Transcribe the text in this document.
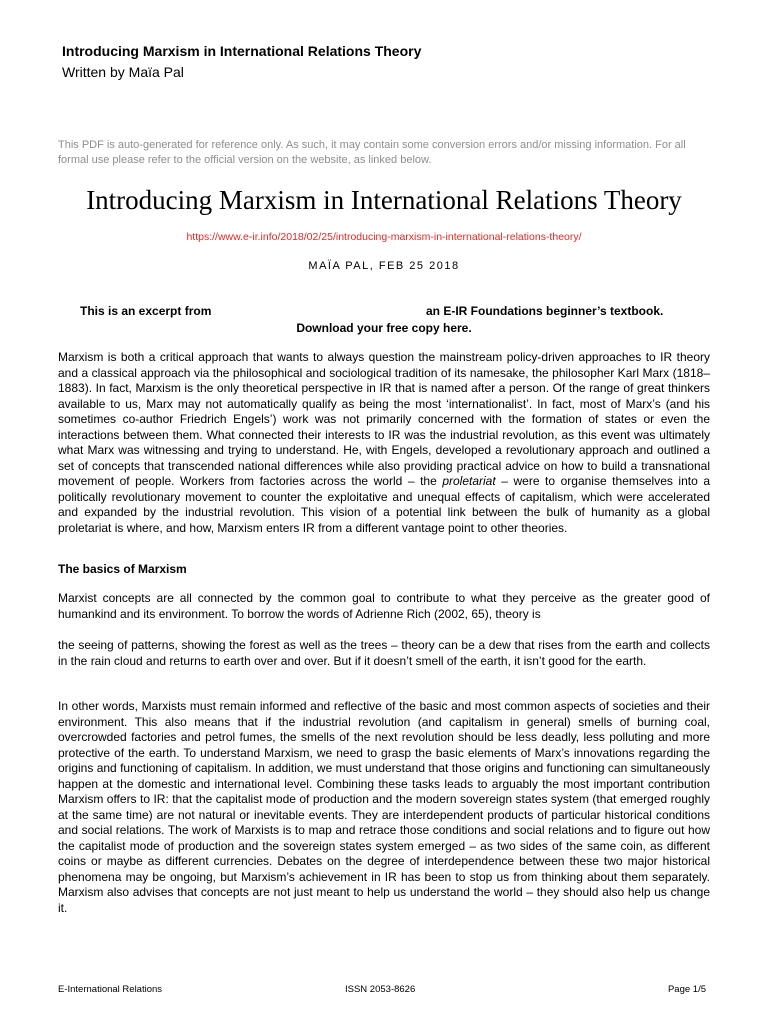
Introducing Marxism in International Relations Theory
Written by Maïa Pal
This PDF is auto-generated for reference only. As such, it may contain some conversion errors and/or missing information. For all formal use please refer to the official version on the website, as linked below.
Introducing Marxism in International Relations Theory
https://www.e-ir.info/2018/02/25/introducing-marxism-in-international-relations-theory/
MAÏA PAL, FEB 25 2018
This is an excerpt from	an E-IR Foundations beginner’s textbook.
Download your free copy here.
Marxism is both a critical approach that wants to always question the mainstream policy-driven approaches to IR theory and a classical approach via the philosophical and sociological tradition of its namesake, the philosopher Karl Marx (1818–1883). In fact, Marxism is the only theoretical perspective in IR that is named after a person. Of the range of great thinkers available to us, Marx may not automatically qualify as being the most ‘internationalist’. In fact, most of Marx’s (and his sometimes co-author Friedrich Engels’) work was not primarily concerned with the formation of states or even the interactions between them. What connected their interests to IR was the industrial revolution, as this event was ultimately what Marx was witnessing and trying to understand. He, with Engels, developed a revolutionary approach and outlined a set of concepts that transcended national differences while also providing practical advice on how to build a transnational movement of people. Workers from factories across the world – the proletariat – were to organise themselves into a politically revolutionary movement to counter the exploitative and unequal effects of capitalism, which were accelerated and expanded by the industrial revolution. This vision of a potential link between the bulk of humanity as a global proletariat is where, and how, Marxism enters IR from a different vantage point to other theories.
The basics of Marxism
Marxist concepts are all connected by the common goal to contribute to what they perceive as the greater good of humankind and its environment. To borrow the words of Adrienne Rich (2002, 65), theory is
the seeing of patterns, showing the forest as well as the trees – theory can be a dew that rises from the earth and collects in the rain cloud and returns to earth over and over. But if it doesn’t smell of the earth, it isn’t good for the earth.
In other words, Marxists must remain informed and reflective of the basic and most common aspects of societies and their environment. This also means that if the industrial revolution (and capitalism in general) smells of burning coal, overcrowded factories and petrol fumes, the smells of the next revolution should be less deadly, less polluting and more protective of the earth. To understand Marxism, we need to grasp the basic elements of Marx’s innovations regarding the origins and functioning of capitalism. In addition, we must understand that those origins and functioning can simultaneously happen at the domestic and international level. Combining these tasks leads to arguably the most important contribution Marxism offers to IR: that the capitalist mode of production and the modern sovereign states system (that emerged roughly at the same time) are not natural or inevitable events. They are interdependent products of particular historical conditions and social relations. The work of Marxists is to map and retrace those conditions and social relations and to figure out how the capitalist mode of production and the sovereign states system emerged – as two sides of the same coin, as different coins or maybe as different currencies. Debates on the degree of interdependence between these two major historical phenomena may be ongoing, but Marxism’s achievement in IR has been to stop us from thinking about them separately. Marxism also advises that concepts are not just meant to help us understand the world – they should also help us change it.
E-International Relations	ISSN 2053-8626	Page 1/5
